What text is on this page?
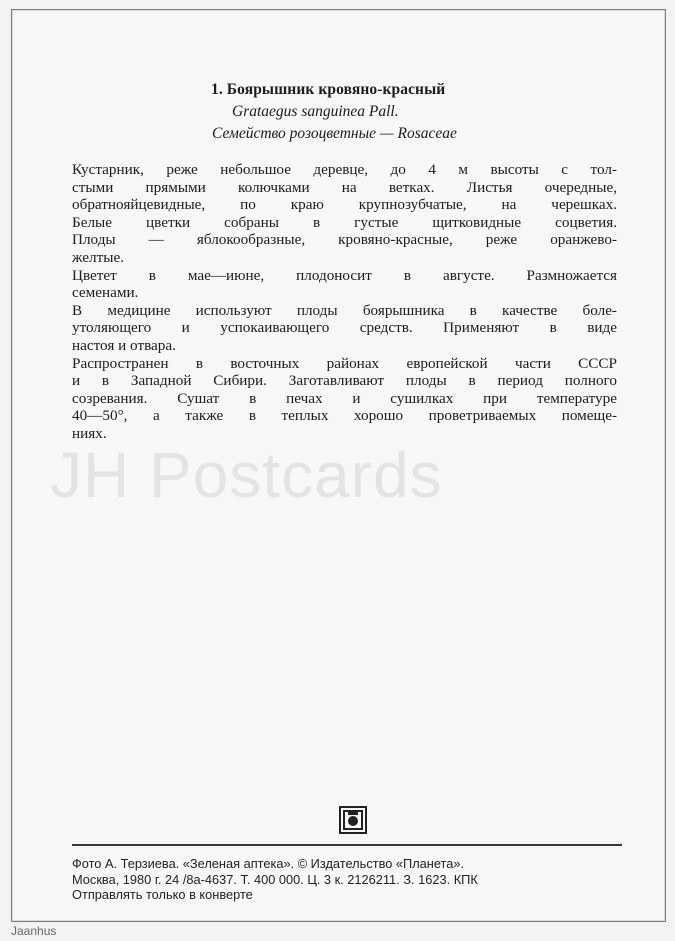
1. Боярышник кровяно-красный
Grataegus sanguinea Pall.
Семейство розоцветные — Rosaceae
JH Postcards

Кустарник, реже небольшое деревце, до 4 м высоты с тол-
стыми прямыми колючками на ветках. Листья очередные,
обратнояйцевидные, по краю крупнозубчатые, на черешках.
Белые цветки собраны в густые щитковидные соцветия.
Плоды — яблокообразные, кровяно-красные, реже оранжево-
желтые.

Цветет в мае—июне, плодоносит в августе. Размножается
семенами.

В медицине используют плоды боярышника в качестве боле-
утоляющего и успокаивающего средств. Применяют в виде
настоя и отвара.

Распространен в восточных районах европейской части СССР
и в Западной Сибири. Заготавливают плоды в период полного
созревания. Сушат в печах и сушилках при температуре
40—50°, а также в теплых хорошо проветриваемых помеще-
ниях.

Фото А. Терзиева. «Зеленая аптека». © Издательство «Планета».
Москва, 1980 г. 24 /8а-4637. Т. 400 000. Ц. 3 к. 2126211. З. 1623. КПК
Отправлять только в конверте
Jaanhus
